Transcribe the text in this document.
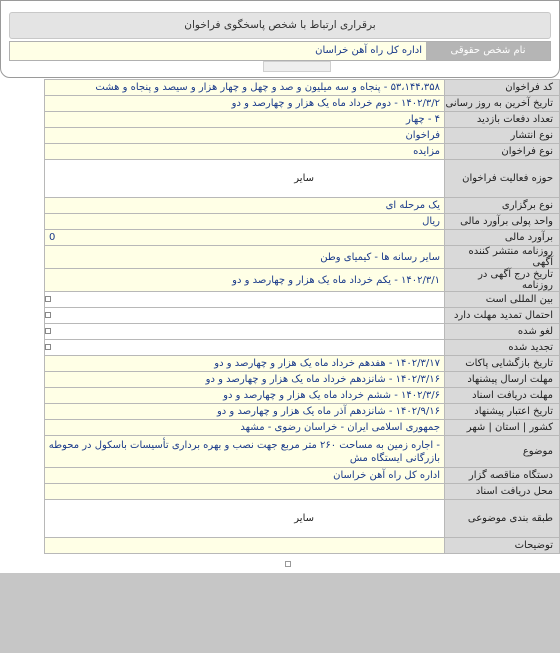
برقراری ارتباط با شخص پاسخگوی فراخوان
نام شخص حقوقی
اداره کل راه آهن خراسان
۵۳،۱۴۴،۳۵۸ - پنجاه و سه میلیون و صد و چهل و چهار هزار و سیصد و پنجاه و هشت	کد فراخوان
۱۴۰۲/۳/۲ - دوم خرداد ماه یک هزار و چهارصد و دو	تاریخ آخرین به روز رسانی
۴ - چهار	تعداد دفعات بازدید
فراخوان	نوع انتشار
مزایده	نوع فراخوان
سایر	حوزه فعالیت فراخوان
یک مرحله ای	نوع برگزاری
ریال	واحد پولی برآورد مالی
0	برآورد مالی
سایر رسانه ها - کیمیای وطن	روزنامه منتشر کننده آگهی
۱۴۰۲/۳/۱ - یکم خرداد ماه یک هزار و چهارصد و دو	تاریخ درج آگهی در روزنامه
	بین المللی است
	احتمال تمدید مهلت دارد
	لغو شده
	تجدید شده
۱۴۰۲/۳/۱۷ - هفدهم خرداد ماه یک هزار و چهارصد و دو	تاریخ بازگشایی پاکات
۱۴۰۲/۳/۱۶ - شانزدهم خرداد ماه یک هزار و چهارصد و دو	مهلت ارسال پیشنهاد
۱۴۰۲/۳/۶ - ششم خرداد ماه یک هزار و چهارصد و دو	مهلت دریافت اسناد
۱۴۰۲/۹/۱۶ - شانزدهم آذر ماه یک هزار و چهارصد و دو	تاریخ اعتبار پیشنهاد
جمهوری اسلامی ایران - خراسان رضوی - مشهد	کشور | استان | شهر
- اجاره زمین به مساحت ۲۶۰ متر مربع جهت نصب و بهره برداری تأسیسات باسکول در محوطه بازرگانی ایستگاه مش	موضوع
اداره کل راه آهن خراسان	دستگاه مناقصه گزار
	محل دریافت اسناد
سایر	طبقه بندی موضوعی
	توضیحات
